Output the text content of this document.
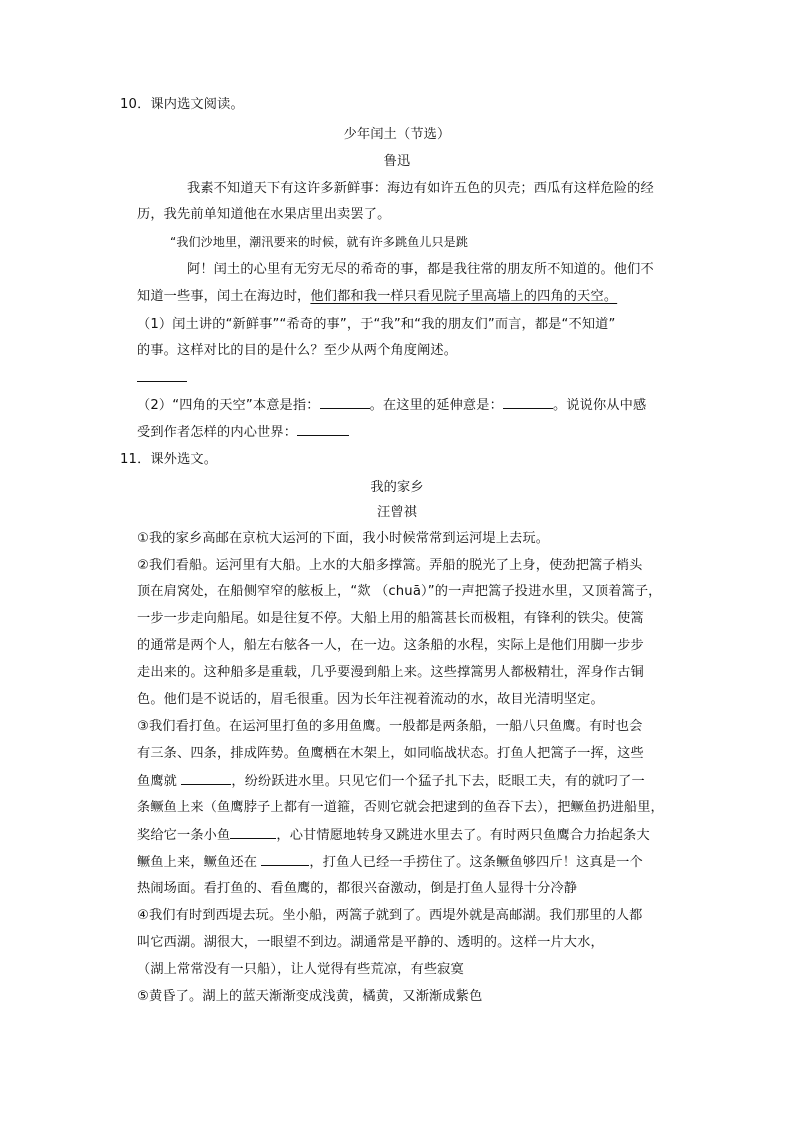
10．课内选文阅读。
少年闰土（节选）
鲁迅
我素不知道天下有这许多新鲜事：海边有如许五色的贝壳；西瓜有这样危险的经
历，我先前单知道他在水果店里出卖罢了。
“我们沙地里，潮汛要来的时候，就有许多跳鱼儿只是跳
阿！闰土的心里有无穷无尽的希奇的事，都是我往常的朋友所不知道的。他们不
知道一些事，闰土在海边时，他们都和我一样只看见院子里高墙上的四角的天空。
（1）闰土讲的“新鲜事”“希奇的事”，于“我”和“我的朋友们”而言，都是“不知道”
的事。这样对比的目的是什么？至少从两个角度阐述。
（2）“四角的天空”本意是指：	。在这里的延伸意是：	。说说你从中感
受到作者怎样的内心世界：
11．课外选文。
我的家乡
汪曾祺
①我的家乡高邮在京杭大运河的下面，我小时候常常到运河堤上去玩。
②我们看船。运河里有大船。上水的大船多撑篙。弄船的脱光了上身，使劲把篙子梢头
顶在肩窝处，在船侧窄窄的舷板上，“欻 （chuā）”的一声把篙子投进水里，又顶着篙子，
一步一步走向船尾。如是往复不停。大船上用的船篙甚长而极粗，有锋利的铁尖。使篙
的通常是两个人，船左右舷各一人，在一边。这条船的水程，实际上是他们用脚一步步
走出来的。这种船多是重载，几乎要漫到船上来。这些撑篙男人都极精壮，浑身作古铜
色。他们是不说话的，眉毛很重。因为长年注视着流动的水，故目光清明坚定。
③我们看打鱼。在运河里打鱼的多用鱼鹰。一般都是两条船，一船八只鱼鹰。有时也会
有三条、四条，排成阵势。鱼鹰栖在木架上，如同临战状态。打鱼人把篙子一挥，这些
鱼鹰就	，纷纷跃进水里。只见它们一个猛子扎下去，眨眼工夫，有的就叼了一
条鳜鱼上来（鱼鹰脖子上都有一道箍，否则它就会把逮到的鱼吞下去），把鳜鱼扔进船里，
奖给它一条小鱼	，心甘情愿地转身又跳进水里去了。有时两只鱼鹰合力抬起条大
鳜鱼上来，鳜鱼还在	，打鱼人已经一手捞住了。这条鳜鱼够四斤！这真是一个
热闹场面。看打鱼的、看鱼鹰的，都很兴奋激动，倒是打鱼人显得十分冷静
④我们有时到西堤去玩。坐小船，两篙子就到了。西堤外就是高邮湖。我们那里的人都
叫它西湖。湖很大，一眼望不到边。湖通常是平静的、透明的。这样一片大水，
（湖上常常没有一只船），让人觉得有些荒凉，有些寂寞
⑤黄昏了。湖上的蓝天渐渐变成浅黄，橘黄，又渐渐成紫色
